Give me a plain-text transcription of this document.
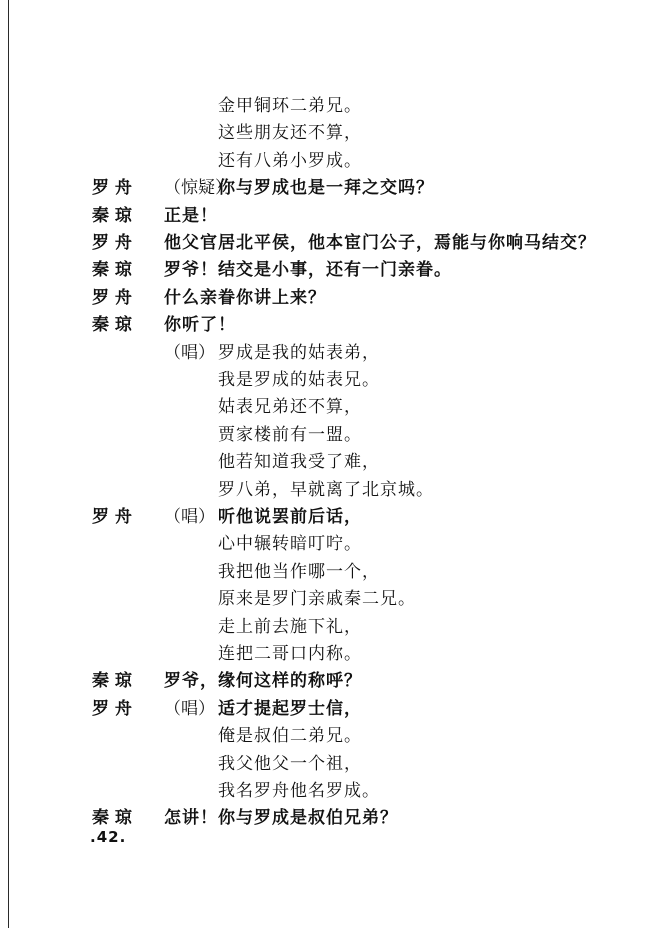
金甲铜环二弟兄。
这些朋友还不算，
还有八弟小罗成。
罗 舟 （惊疑）
你与罗成也是一拜之交吗？
秦 琼 正是！
罗 舟 他父官居北平侯，他本宦门公子，焉能与你响马结交？
秦 琼 罗爷！结交是小事，还有一门亲眷。
罗 舟 什么亲眷你讲上来？
秦 琼 你听了！
（唱） 罗成是我的姑表弟，
我是罗成的姑表兄。
姑表兄弟还不算，
贾家楼前有一盟。
他若知道我受了难，
罗八弟，早就离了北京城。
罗 舟 （唱） 听他说罢前后话，
心中辗转暗叮咛。
我把他当作哪一个，
原来是罗门亲戚秦二兄。
走上前去施下礼，
连把二哥口内称。
秦 琼 罗爷，缘何这样的称呼？
罗 舟 （唱） 适才提起罗士信，
俺是叔伯二弟兄。
我父他父一个祖，
我名罗舟他名罗成。
秦 琼 怎讲！你与罗成是叔伯兄弟？
.42.
